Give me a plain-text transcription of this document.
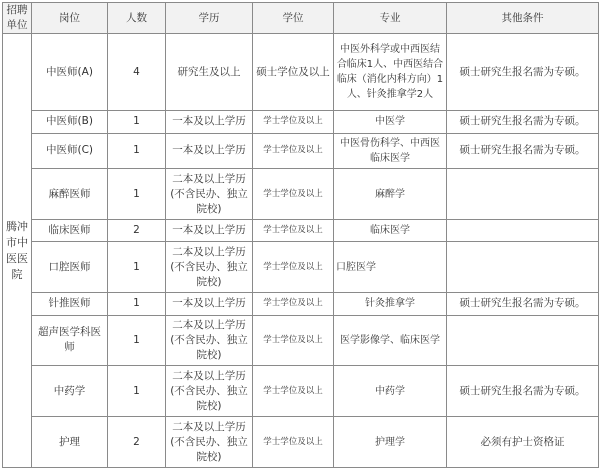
招聘单位	岗位	人数	学历	学位	专业	其他条件
腾冲市中医医院	中医师(A)	4	研究生及以上	硕士学位及以上	中医外科学或中西医结合临床1人、中西医结合临床（消化内科方向）1人、针灸推拿学2人	硕士研究生报名需为专硕。
	中医师(B)	1	一本及以上学历	学士学位及以上	中医学	硕士研究生报名需为专硕。
	中医师(C)	1	一本及以上学历	学士学位及以上	中医骨伤科学、中西医临床医学	硕士研究生报名需为专硕。
	麻醉医师	1	二本及以上学历(不含民办、独立院校)	学士学位及以上	麻醉学	
	临床医师	2	一本及以上学历	学士学位及以上	临床医学	
	口腔医师	1	二本及以上学历(不含民办、独立院校)	学士学位及以上	口腔医学	
	针推医师	1	一本及以上学历	学士学位及以上	针灸推拿学	硕士研究生报名需为专硕。
	超声医学科医师	1	二本及以上学历(不含民办、独立院校)	学士学位及以上	医学影像学、临床医学	
	中药学	1	二本及以上学历(不含民办、独立院校)	学士学位及以上	中药学	硕士研究生报名需为专硕。
	护理	2	二本及以上学历(不含民办、独立院校)	学士学位及以上	护理学	必须有护士资格证
